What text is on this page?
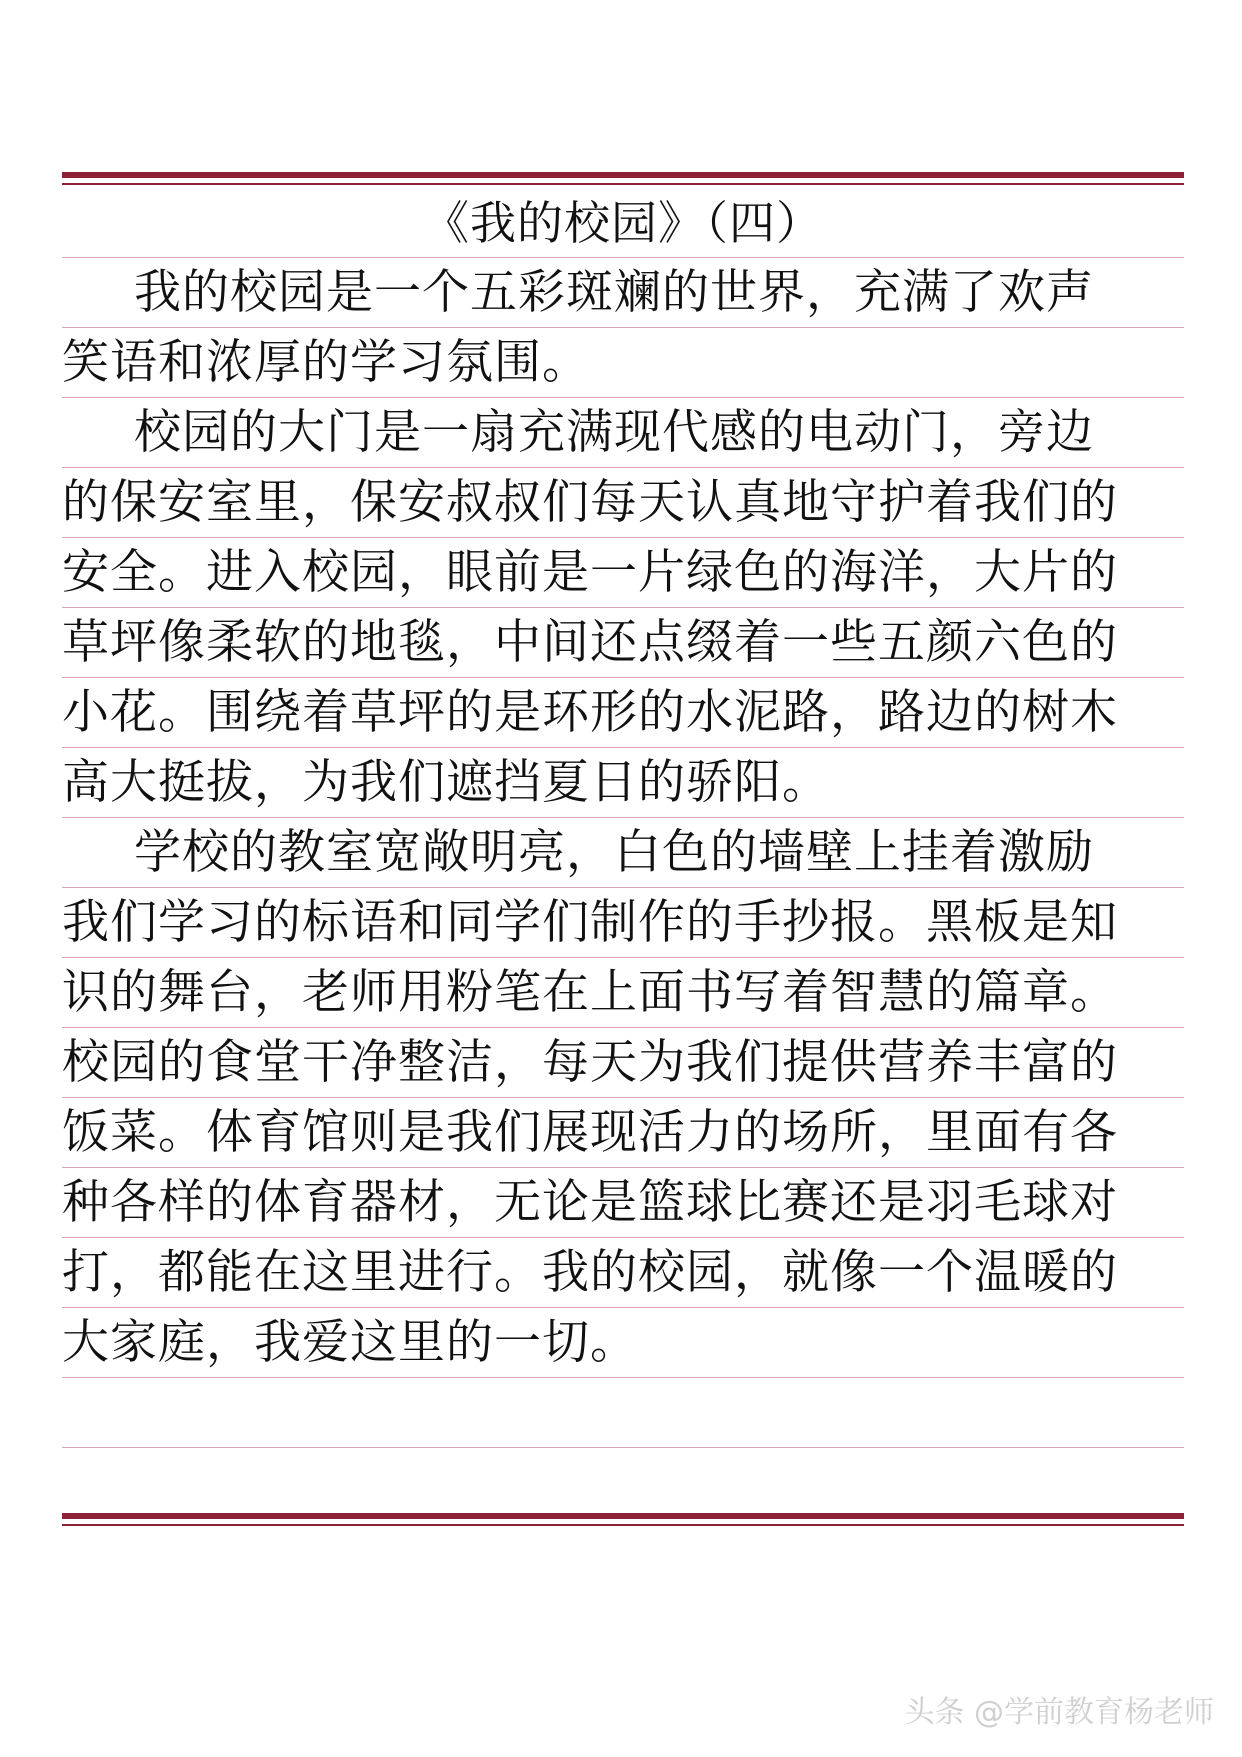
《我的校园》（四）
我的校园是一个五彩斑斓的世界，充满了欢声
笑语和浓厚的学习氛围。
校园的大门是一扇充满现代感的电动门，旁边
的保安室里，保安叔叔们每天认真地守护着我们的
安全。进入校园，眼前是一片绿色的海洋，大片的
草坪像柔软的地毯，中间还点缀着一些五颜六色的
小花。围绕着草坪的是环形的水泥路，路边的树木
高大挺拔，为我们遮挡夏日的骄阳。
学校的教室宽敞明亮，白色的墙壁上挂着激励
我们学习的标语和同学们制作的手抄报。黑板是知
识的舞台，老师用粉笔在上面书写着智慧的篇章。
校园的食堂干净整洁，每天为我们提供营养丰富的
饭菜。体育馆则是我们展现活力的场所，里面有各
种各样的体育器材，无论是篮球比赛还是羽毛球对
打，都能在这里进行。我的校园，就像一个温暖的
大家庭，我爱这里的一切。
头条 @学前教育杨老师
